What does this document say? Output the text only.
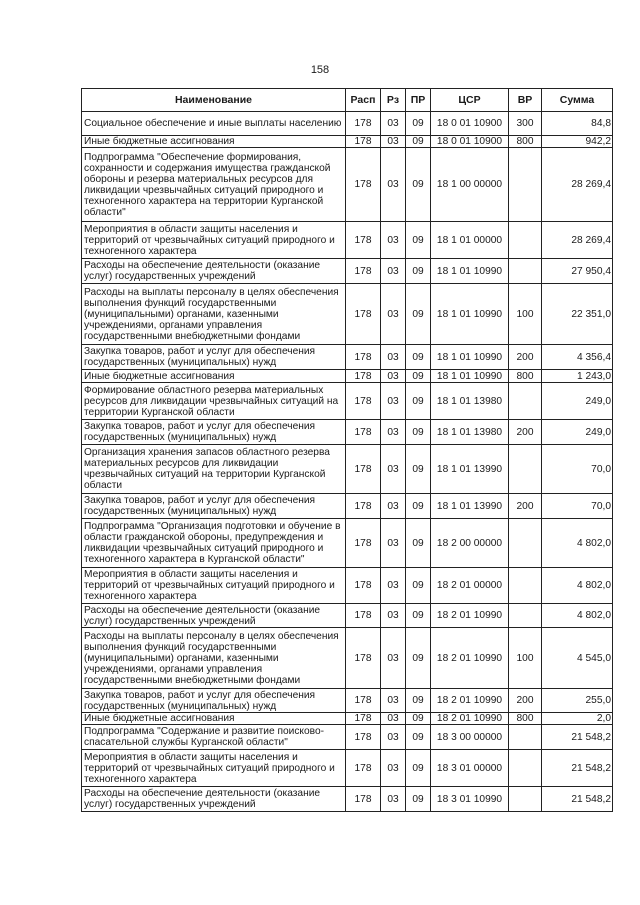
158
Наименование	Расп	Рз	ПР	ЦСР	ВР	Сумма
Социальное обеспечение и иные выплаты населению	178	03	09	18 0 01 10900	300	84,8
Иные бюджетные ассигнования	178	03	09	18 0 01 10900	800	942,2
Подпрограмма "Обеспечение формирования, сохранности и содержания имущества гражданской обороны и резерва материальных ресурсов для ликвидации чрезвычайных ситуаций природного и техногенного характера на территории Курганской области"	178	03	09	18 1 00 00000		28 269,4
Мероприятия в области защиты населения и территорий от чрезвычайных ситуаций природного и техногенного характера	178	03	09	18 1 01 00000		28 269,4
Расходы на обеспечение деятельности (оказание услуг) государственных учреждений	178	03	09	18 1 01 10990		27 950,4
Расходы на выплаты персоналу в целях обеспечения выполнения функций государственными (муниципальными) органами, казенными учреждениями, органами управления государственными внебюджетными фондами	178	03	09	18 1 01 10990	100	22 351,0
Закупка товаров, работ и услуг для обеспечения государственных (муниципальных) нужд	178	03	09	18 1 01 10990	200	4 356,4
Иные бюджетные ассигнования	178	03	09	18 1 01 10990	800	1 243,0
Формирование областного резерва материальных ресурсов для ликвидации чрезвычайных ситуаций на территории Курганской области	178	03	09	18 1 01 13980		249,0
Закупка товаров, работ и услуг для обеспечения государственных (муниципальных) нужд	178	03	09	18 1 01 13980	200	249,0
Организация хранения запасов областного резерва материальных ресурсов для ликвидации чрезвычайных ситуаций на территории Курганской области	178	03	09	18 1 01 13990		70,0
Закупка товаров, работ и услуг для обеспечения государственных (муниципальных) нужд	178	03	09	18 1 01 13990	200	70,0
Подпрограмма "Организация подготовки и обучение в области гражданской обороны, предупреждения и ликвидации чрезвычайных ситуаций природного и техногенного характера в Курганской области"	178	03	09	18 2 00 00000		4 802,0
Мероприятия в области защиты населения и территорий от чрезвычайных ситуаций природного и техногенного характера	178	03	09	18 2 01 00000		4 802,0
Расходы на обеспечение деятельности (оказание услуг) государственных учреждений	178	03	09	18 2 01 10990		4 802,0
Расходы на выплаты персоналу в целях обеспечения выполнения функций государственными (муниципальными) органами, казенными учреждениями, органами управления государственными внебюджетными фондами	178	03	09	18 2 01 10990	100	4 545,0
Закупка товаров, работ и услуг для обеспечения государственных (муниципальных) нужд	178	03	09	18 2 01 10990	200	255,0
Иные бюджетные ассигнования	178	03	09	18 2 01 10990	800	2,0
Подпрограмма "Содержание и развитие поисково-спасательной службы Курганской области"	178	03	09	18 3 00 00000		21 548,2
Мероприятия в области защиты населения и территорий от чрезвычайных ситуаций природного и техногенного характера	178	03	09	18 3 01 00000		21 548,2
Расходы на обеспечение деятельности (оказание услуг) государственных учреждений	178	03	09	18 3 01 10990		21 548,2
